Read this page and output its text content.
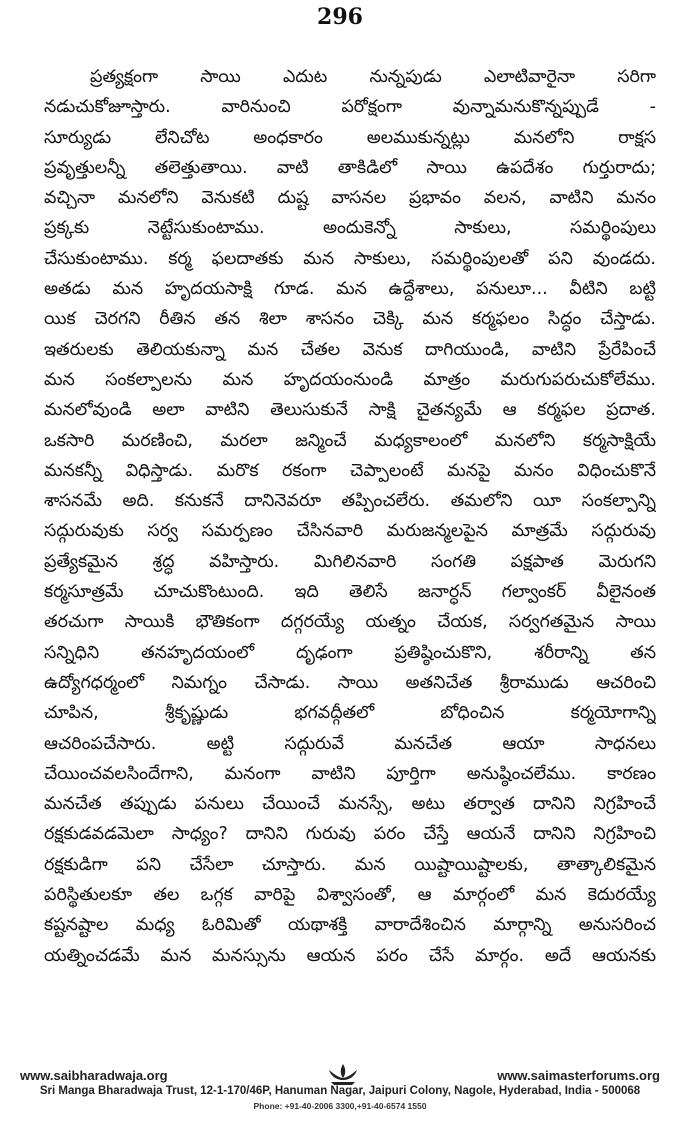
296
ప్రత్యక్షంగా సాయి ఎదుట నున్నపుడు ఎలాటివారైనా సరిగా
నడుచుకోజూస్తారు. వారినుంచి పరోక్షంగా వున్నామనుకొన్నప్పుడే -
సూర్యుడు లేనిచోట అంధకారం అలముకున్నట్లు మనలోని రాక్షస
ప్రవృత్తులన్నీ తలెత్తుతాయి. వాటి తాకిడిలో సాయి ఉపదేశం గుర్తురాదు;
వచ్చినా మనలోని వెనుకటి దుష్ట వాసనల ప్రభావం వలన, వాటిని మనం
ప్రక్కకు నెట్టేసుకుంటాము. అందుకెన్నో సాకులు, సమర్థింపులు
చేసుకుంటాము. కర్మ ఫలదాతకు మన సాకులు, సమర్థింపులతో పని వుండదు.
అతడు మన హృదయసాక్షి గూడ. మన ఉద్దేశాలు, పనులూ... వీటిని బట్టి
యిక చెరగని రీతిన తన శిలా శాసనం చెక్కి మన కర్మఫలం సిద్ధం చేస్తాడు.
ఇతరులకు తెలియకున్నా మన చేతల వెనుక దాగియుండి, వాటిని ప్రేరేపించే
మన సంకల్పాలను మన హృదయంనుండి మాత్రం మరుగుపరుచుకోలేము.
మనలోవుండి అలా వాటిని తెలుసుకునే సాక్షి చైతన్యమే ఆ కర్మఫల ప్రదాత.
ఒకసారి మరణించి, మరలా జన్మించే మధ్యకాలంలో మనలోని కర్మసాక్షియే
మనకన్నీ విధిస్తాడు. మరొక రకంగా చెప్పాలంటే మనపై మనం విధించుకొనే
శాసనమే అది. కనుకనే దానినెవరూ తప్పించలేరు. తమలోని యీ సంకల్పాన్ని
సద్గురువుకు సర్వ సమర్పణం చేసినవారి మరుజన్మలపైన మాత్రమే సద్గురువు
ప్రత్యేకమైన శ్రద్ధ వహిస్తారు. మిగిలినవారి సంగతి పక్షపాత మెరుగని
కర్మసూత్రమే చూచుకొంటుంది. ఇది తెలిసే జనార్ధన్ గల్వాంకర్ వీలైనంత
తరచుగా సాయికి భౌతికంగా దగ్గరయ్యే యత్నం చేయక, సర్వగతమైన సాయి
సన్నిధిని తనహృదయంలో దృఢంగా ప్రతిష్ఠించుకొని, శరీరాన్ని తన
ఉద్యోగధర్మంలో నిమగ్నం చేసాడు. సాయి అతనిచేత శ్రీరాముడు ఆచరించి
చూపిన, శ్రీకృష్ణుడు భగవద్గీతలో బోధించిన కర్మయోగాన్ని
ఆచరింపచేసారు. అట్టి సద్గురువే మనచేత ఆయా సాధనలు
చేయించవలసిందేగాని, మనంగా వాటిని పూర్తిగా అనుష్ఠించలేము. కారణం
మనచేత తప్పుడు పనులు చేయించే మనస్సే, అటు తర్వాత దానిని నిగ్రహించే
రక్షకుడవడమెలా సాధ్యం? దానిని గురువు పరం చేస్తే ఆయనే దానిని నిగ్రహించి
రక్షకుడిగా పని చేసేలా చూస్తారు. మన యిష్టాయిష్టాలకు, తాత్కాలికమైన
పరిస్థితులకూ తల ఒగ్గక వారిపై విశ్వాసంతో, ఆ మార్గంలో మన కెదురయ్యే
కష్టనష్టాల మధ్య ఓరిమితో యథాశక్తి వారాదేశించిన మార్గాన్ని అనుసరించ
యత్నించడమే మన మనస్సును ఆయన పరం చేసే మార్గం. అదే ఆయనకు
www.saibharadwaja.org	www.saimasterforums.org
Sri Manga Bharadwaja Trust, 12-1-170/46P, Hanuman Nagar, Jaipuri Colony, Nagole, Hyderabad, India - 500068
Phone: +91-40-2006 3300,+91-40-6574 1550
